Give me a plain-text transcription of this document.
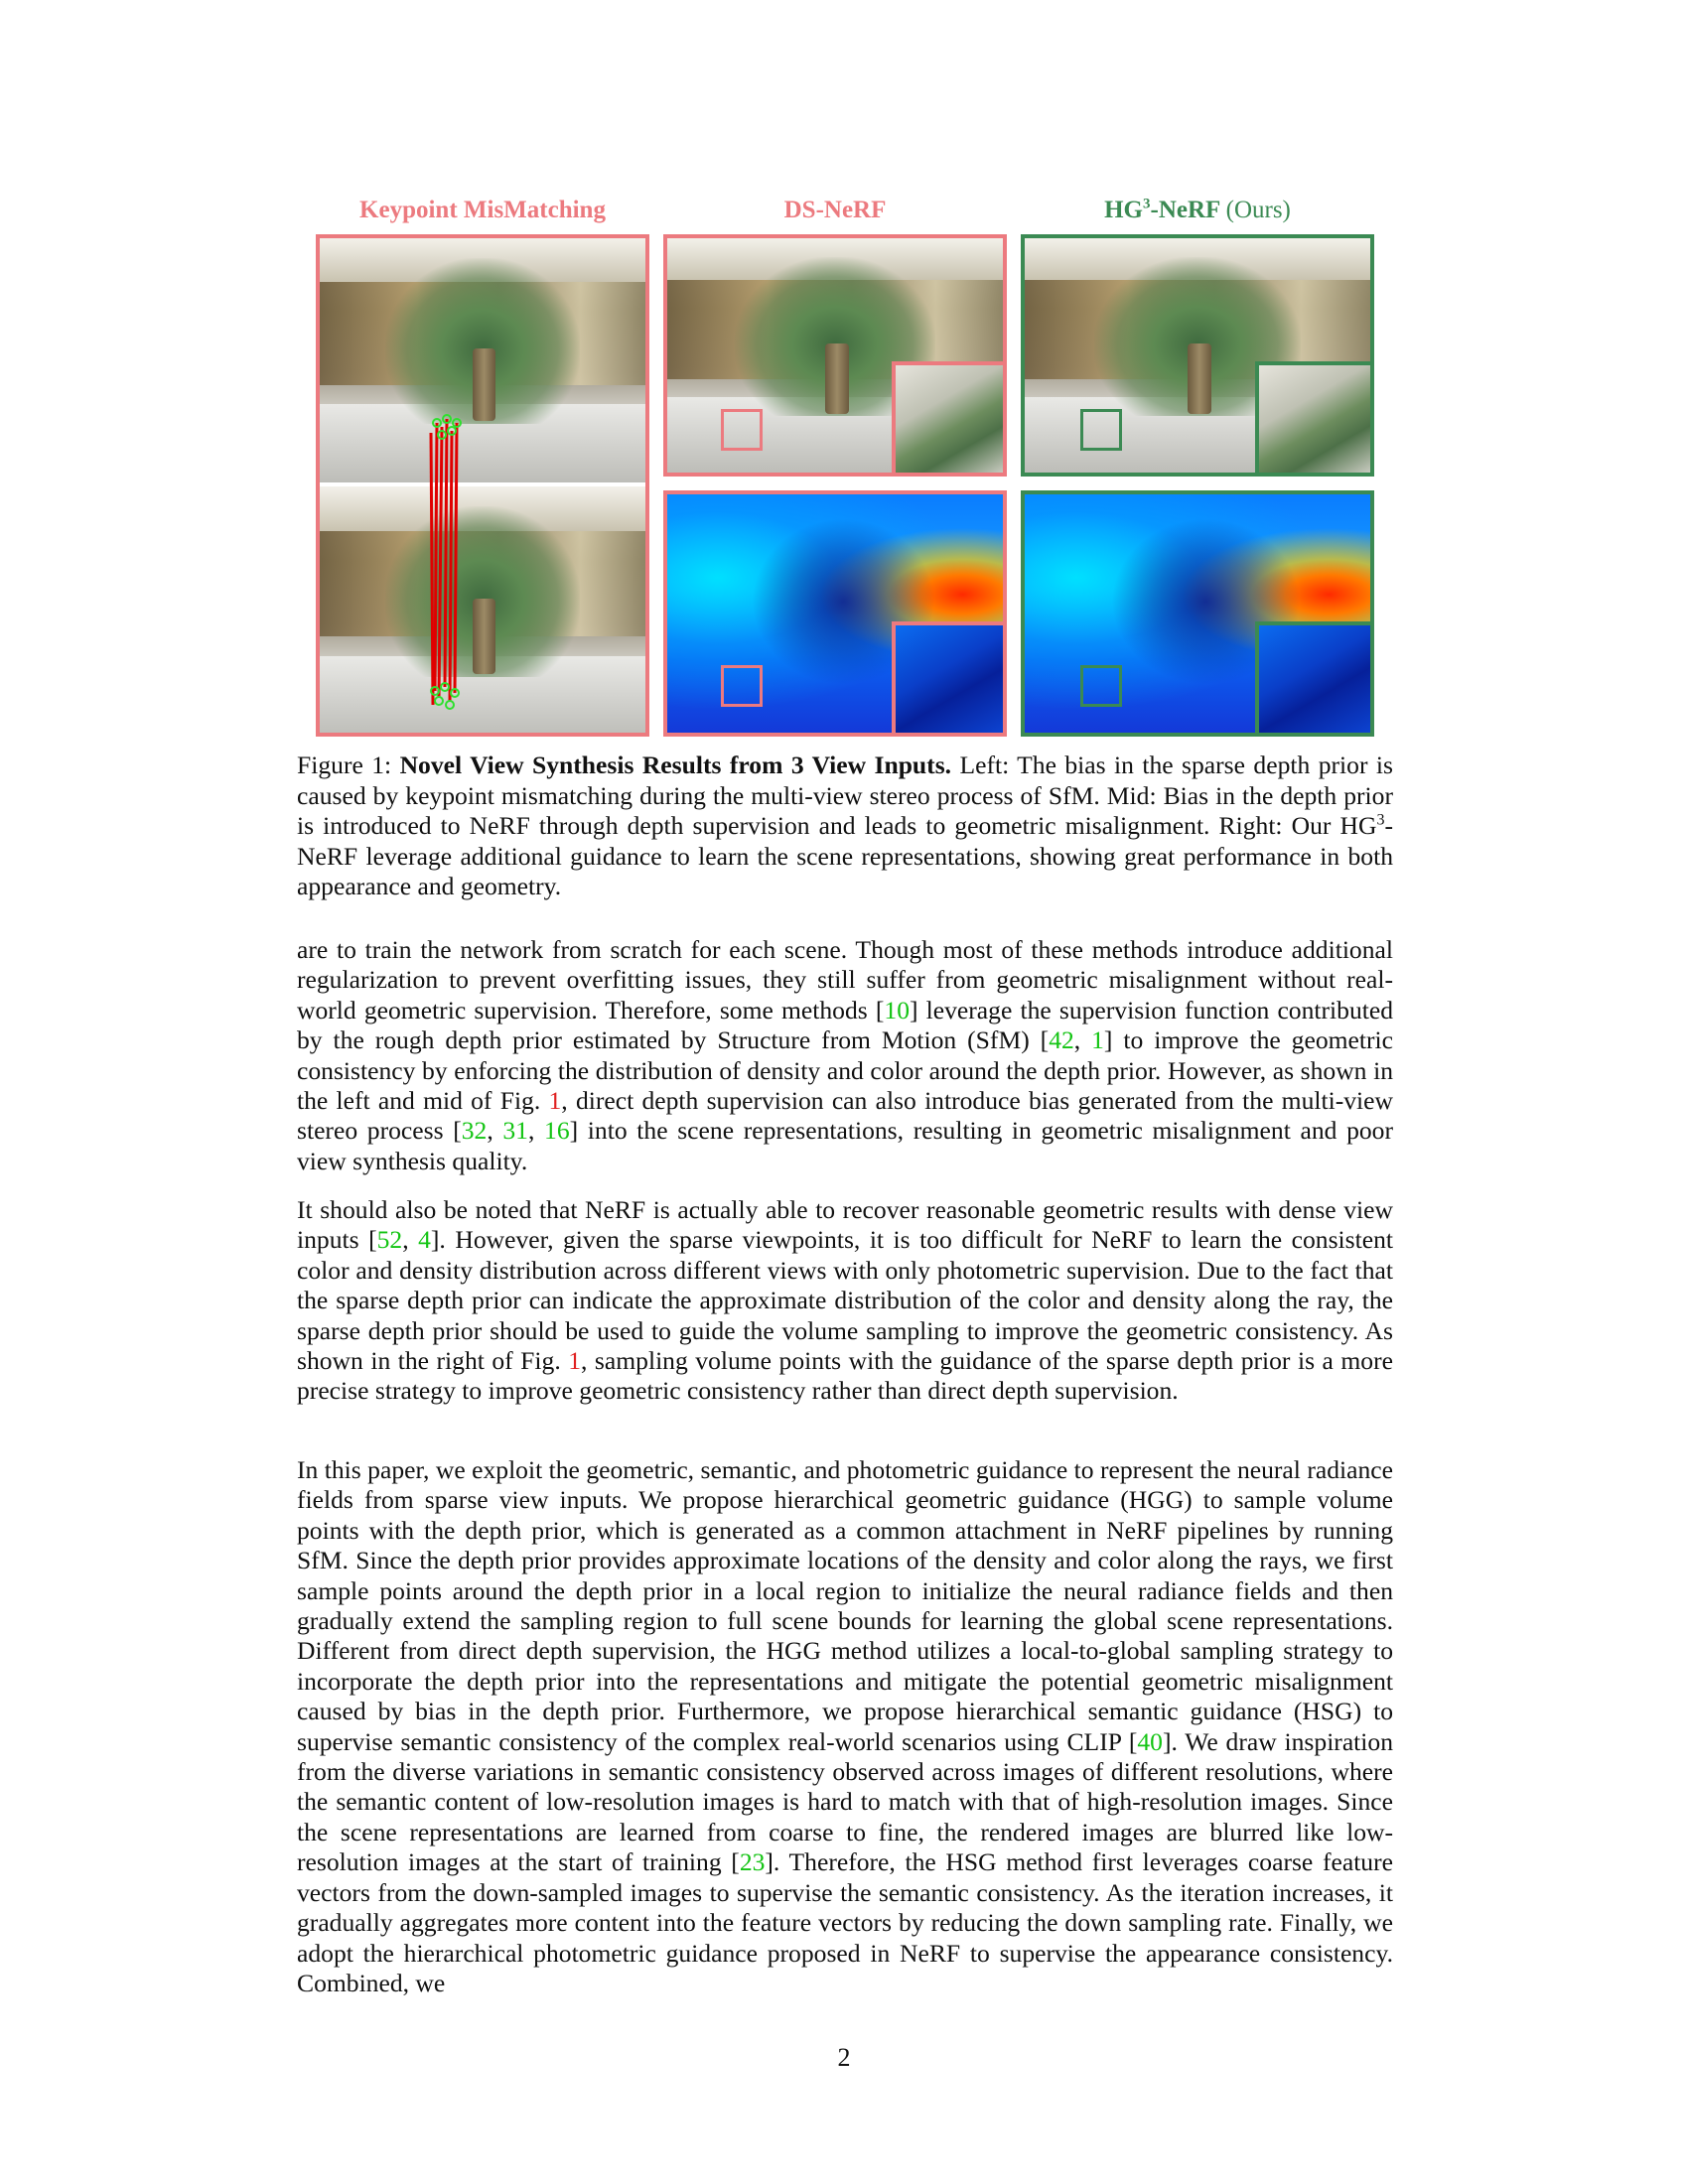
Keypoint MisMatching	DS-NeRF	$HG^3$-NeRF (Ours)
Figure 1: Novel View Synthesis Results from 3 View Inputs. Left: The bias in the sparse depth prior is caused by keypoint mismatching during the multi-view stereo process of SfM. Mid: Bias in the depth prior is introduced to NeRF through depth supervision and leads to geometric misalignment. Right: Our $HG^3$-NeRF leverage additional guidance to learn the scene representations, showing great performance in both appearance and geometry.

are to train the network from scratch for each scene. Though most of these methods introduce additional regularization to prevent overfitting issues, they still suffer from geometric misalignment without real-world geometric supervision. Therefore, some methods [10] leverage the supervision function contributed by the rough depth prior estimated by Structure from Motion (SfM) [42, 1] to improve the geometric consistency by enforcing the distribution of density and color around the depth prior. However, as shown in the left and mid of Fig. 1, direct depth supervision can also introduce bias generated from the multi-view stereo process [32, 31, 16] into the scene representations, resulting in geometric misalignment and poor view synthesis quality.

It should also be noted that NeRF is actually able to recover reasonable geometric results with dense view inputs [52, 4]. However, given the sparse viewpoints, it is too difficult for NeRF to learn the consistent color and density distribution across different views with only photometric supervision. Due to the fact that the sparse depth prior can indicate the approximate distribution of the color and density along the ray, the sparse depth prior should be used to guide the volume sampling to improve the geometric consistency. As shown in the right of Fig. 1, sampling volume points with the guidance of the sparse depth prior is a more precise strategy to improve geometric consistency rather than direct depth supervision.

In this paper, we exploit the geometric, semantic, and photometric guidance to represent the neural radiance fields from sparse view inputs. We propose hierarchical geometric guidance (HGG) to sample volume points with the depth prior, which is generated as a common attachment in NeRF pipelines by running SfM. Since the depth prior provides approximate locations of the density and color along the rays, we first sample points around the depth prior in a local region to initialize the neural radiance fields and then gradually extend the sampling region to full scene bounds for learning the global scene representations. Different from direct depth supervision, the HGG method utilizes a local-to-global sampling strategy to incorporate the depth prior into the representations and mitigate the potential geometric misalignment caused by bias in the depth prior. Furthermore, we propose hierarchical semantic guidance (HSG) to supervise semantic consistency of the complex real-world scenarios using CLIP [40]. We draw inspiration from the diverse variations in semantic consistency observed across images of different resolutions, where the semantic content of low-resolution images is hard to match with that of high-resolution images. Since the scene representations are learned from coarse to fine, the rendered images are blurred like low-resolution images at the start of training [23]. Therefore, the HSG method first leverages coarse feature vectors from the down-sampled images to supervise the semantic consistency. As the iteration increases, it gradually aggregates more content into the feature vectors by reducing the down sampling rate. Finally, we adopt the hierarchical photometric guidance proposed in NeRF to supervise the appearance consistency. Combined, we

2
